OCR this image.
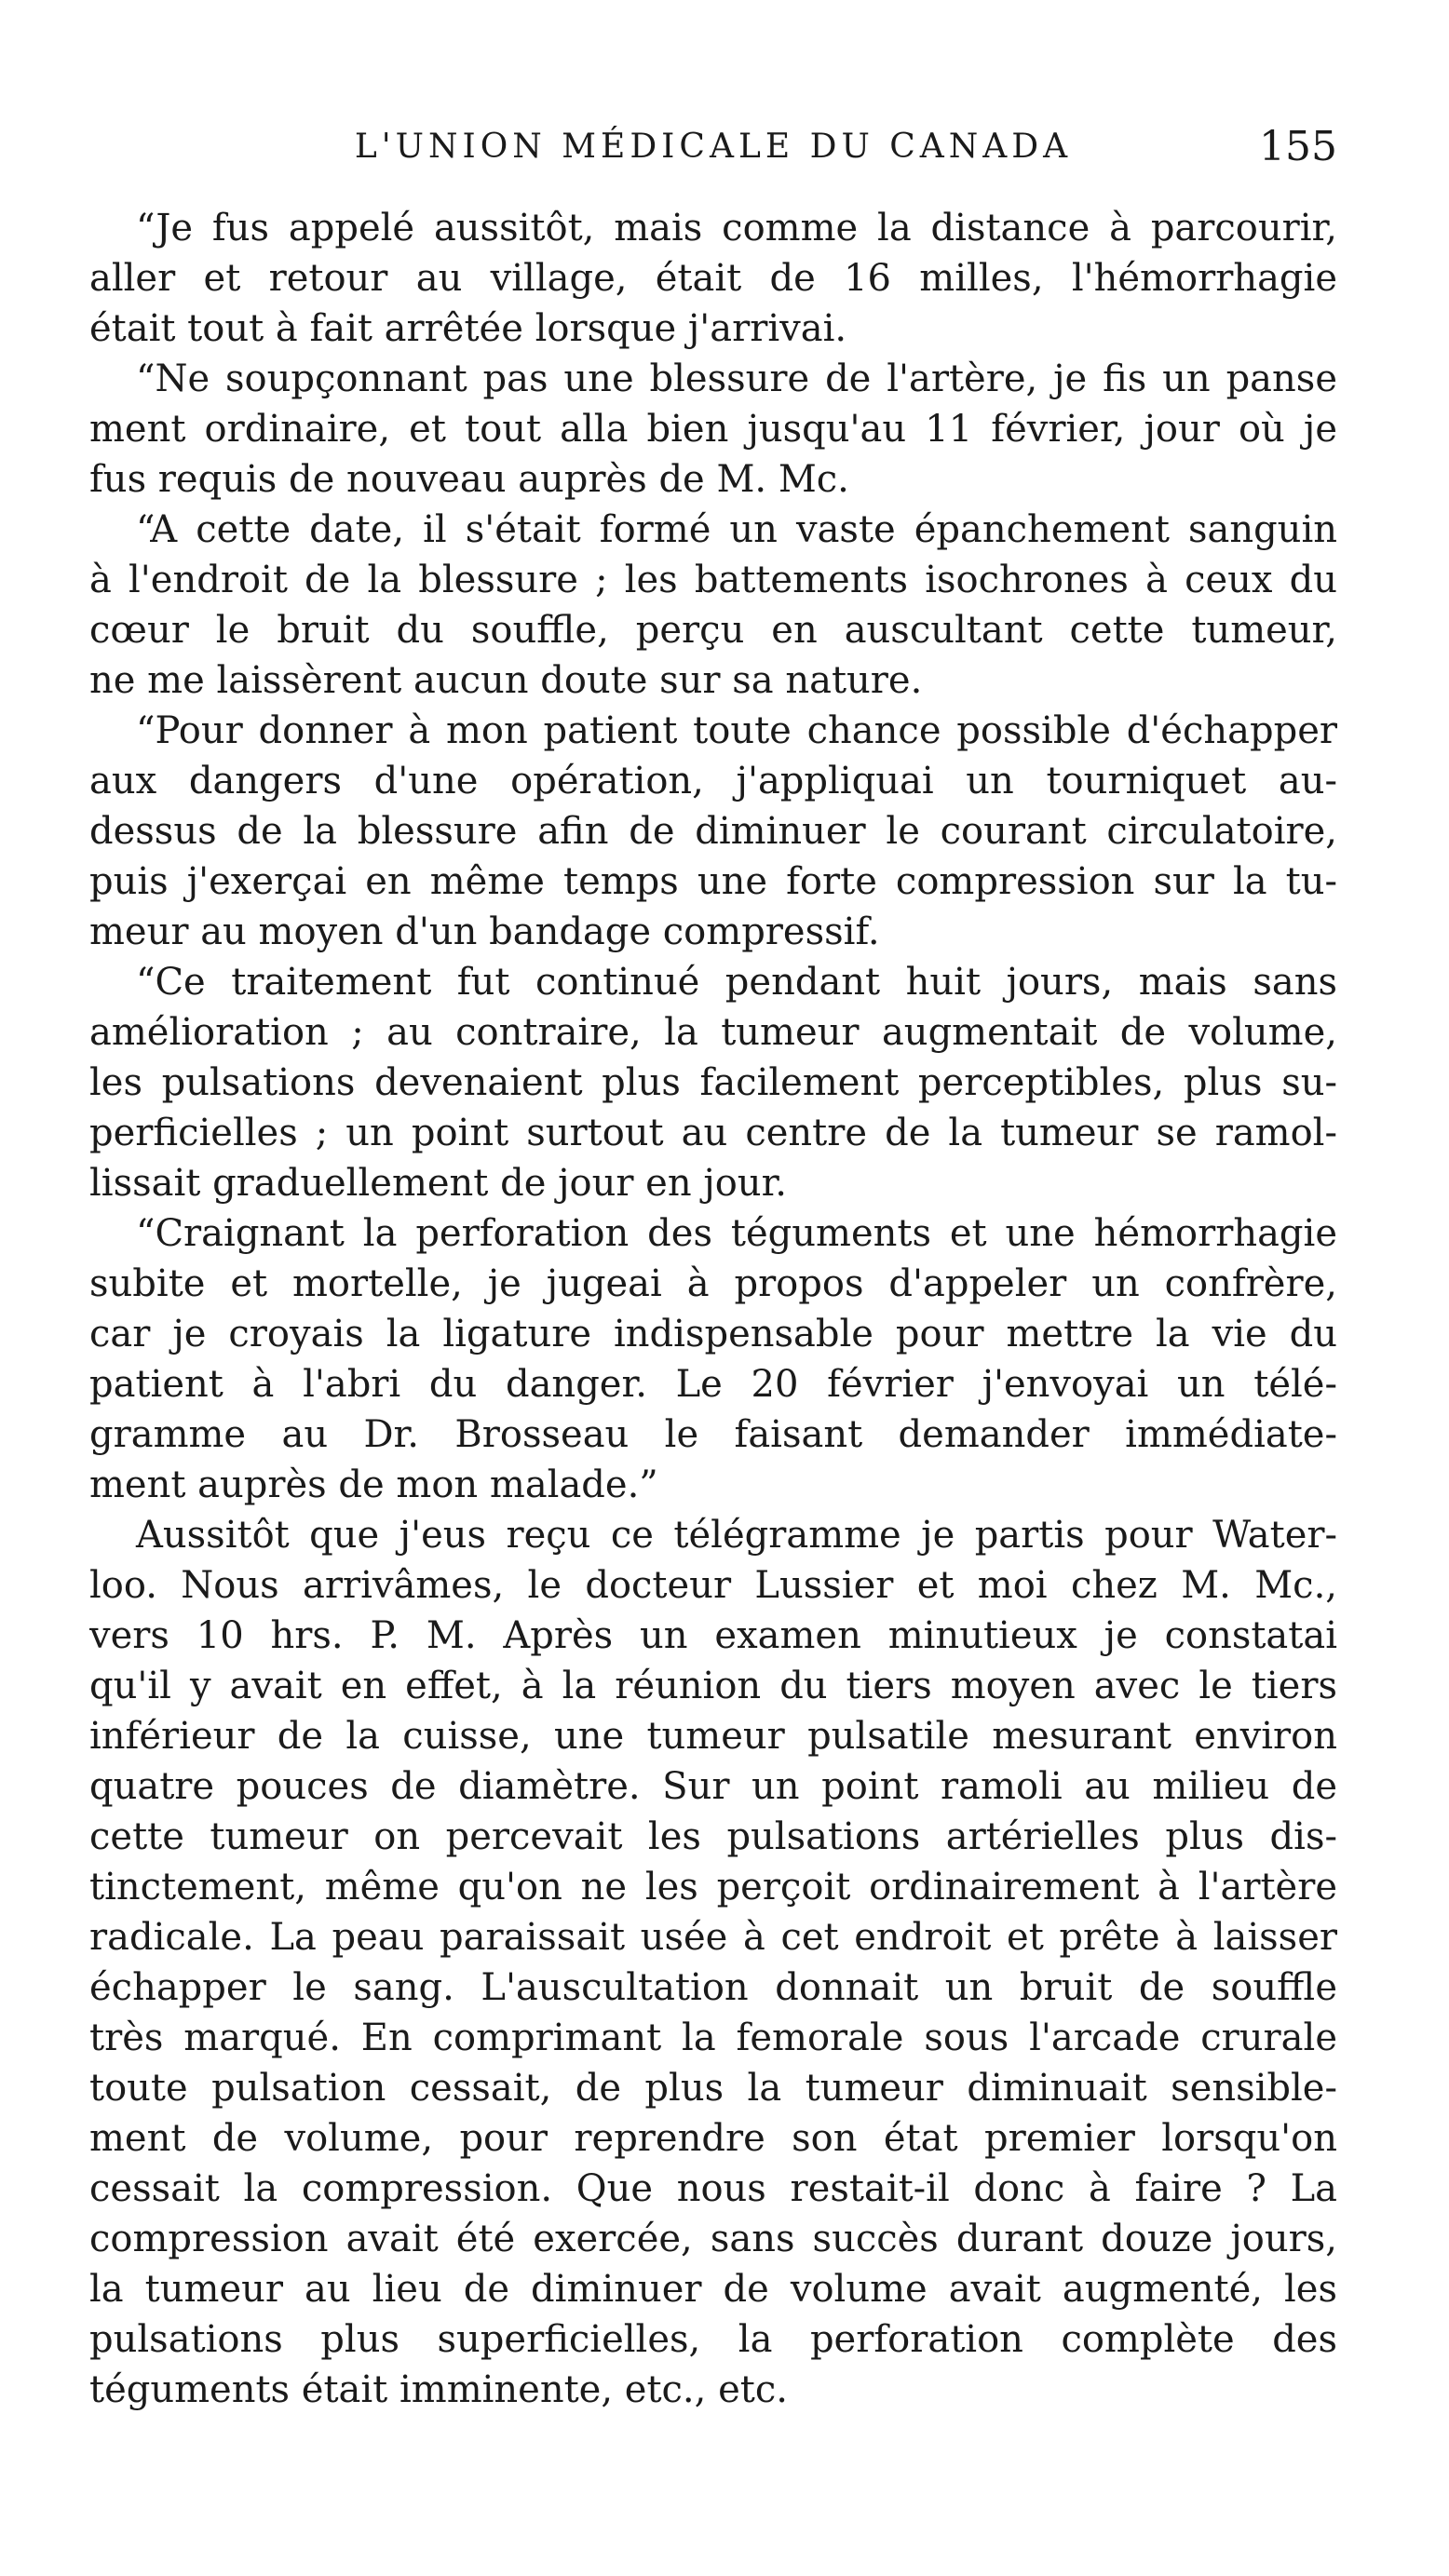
L'UNION MÉDICALE DU CANADA	155
“Je fus appelé aussitôt, mais comme la distance à parcourir,
aller et retour au village, était de 16 milles, l'hémorrhagie
était tout à fait arrêtée lorsque j'arrivai.
“Ne soupçonnant pas une blessure de l'artère, je fis un panse
ment ordinaire, et tout alla bien jusqu'au 11 février, jour où je
fus requis de nouveau auprès de M. Mc.
“A cette date, il s'était formé un vaste épanchement sanguin
à l'endroit de la blessure ; les battements isochrones à ceux du
cœur le bruit du souffle, perçu en auscultant cette tumeur,
ne me laissèrent aucun doute sur sa nature.
“Pour donner à mon patient toute chance possible d'échapper
aux dangers d'une opération, j'appliquai un tourniquet au-
dessus de la blessure afin de diminuer le courant circulatoire,
puis j'exerçai en même temps une forte compression sur la tu-
meur au moyen d'un bandage compressif.
“Ce traitement fut continué pendant huit jours, mais sans
amélioration ; au contraire, la tumeur augmentait de volume,
les pulsations devenaient plus facilement perceptibles, plus su-
perficielles ; un point surtout au centre de la tumeur se ramol-
lissait graduellement de jour en jour.
“Craignant la perforation des téguments et une hémorrhagie
subite et mortelle, je jugeai à propos d'appeler un confrère,
car je croyais la ligature indispensable pour mettre la vie du
patient à l'abri du danger. Le 20 février j'envoyai un télé-
gramme au Dr. Brosseau le faisant demander immédiate-
ment auprès de mon malade.”
Aussitôt que j'eus reçu ce télégramme je partis pour Water-
loo. Nous arrivâmes, le docteur Lussier et moi chez M. Mc.,
vers 10 hrs. P. M. Après un examen minutieux je constatai
qu'il y avait en effet, à la réunion du tiers moyen avec le tiers
inférieur de la cuisse, une tumeur pulsatile mesurant environ
quatre pouces de diamètre. Sur un point ramoli au milieu de
cette tumeur on percevait les pulsations artérielles plus dis-
tinctement, même qu'on ne les perçoit ordinairement à l'artère
radicale. La peau paraissait usée à cet endroit et prête à laisser
échapper le sang. L'auscultation donnait un bruit de souffle
très marqué. En comprimant la femorale sous l'arcade crurale
toute pulsation cessait, de plus la tumeur diminuait sensible-
ment de volume, pour reprendre son état premier lorsqu'on
cessait la compression. Que nous restait-il donc à faire ? La
compression avait été exercée, sans succès durant douze jours,
la tumeur au lieu de diminuer de volume avait augmenté, les
pulsations plus superficielles, la perforation complète des
téguments était imminente, etc., etc.
